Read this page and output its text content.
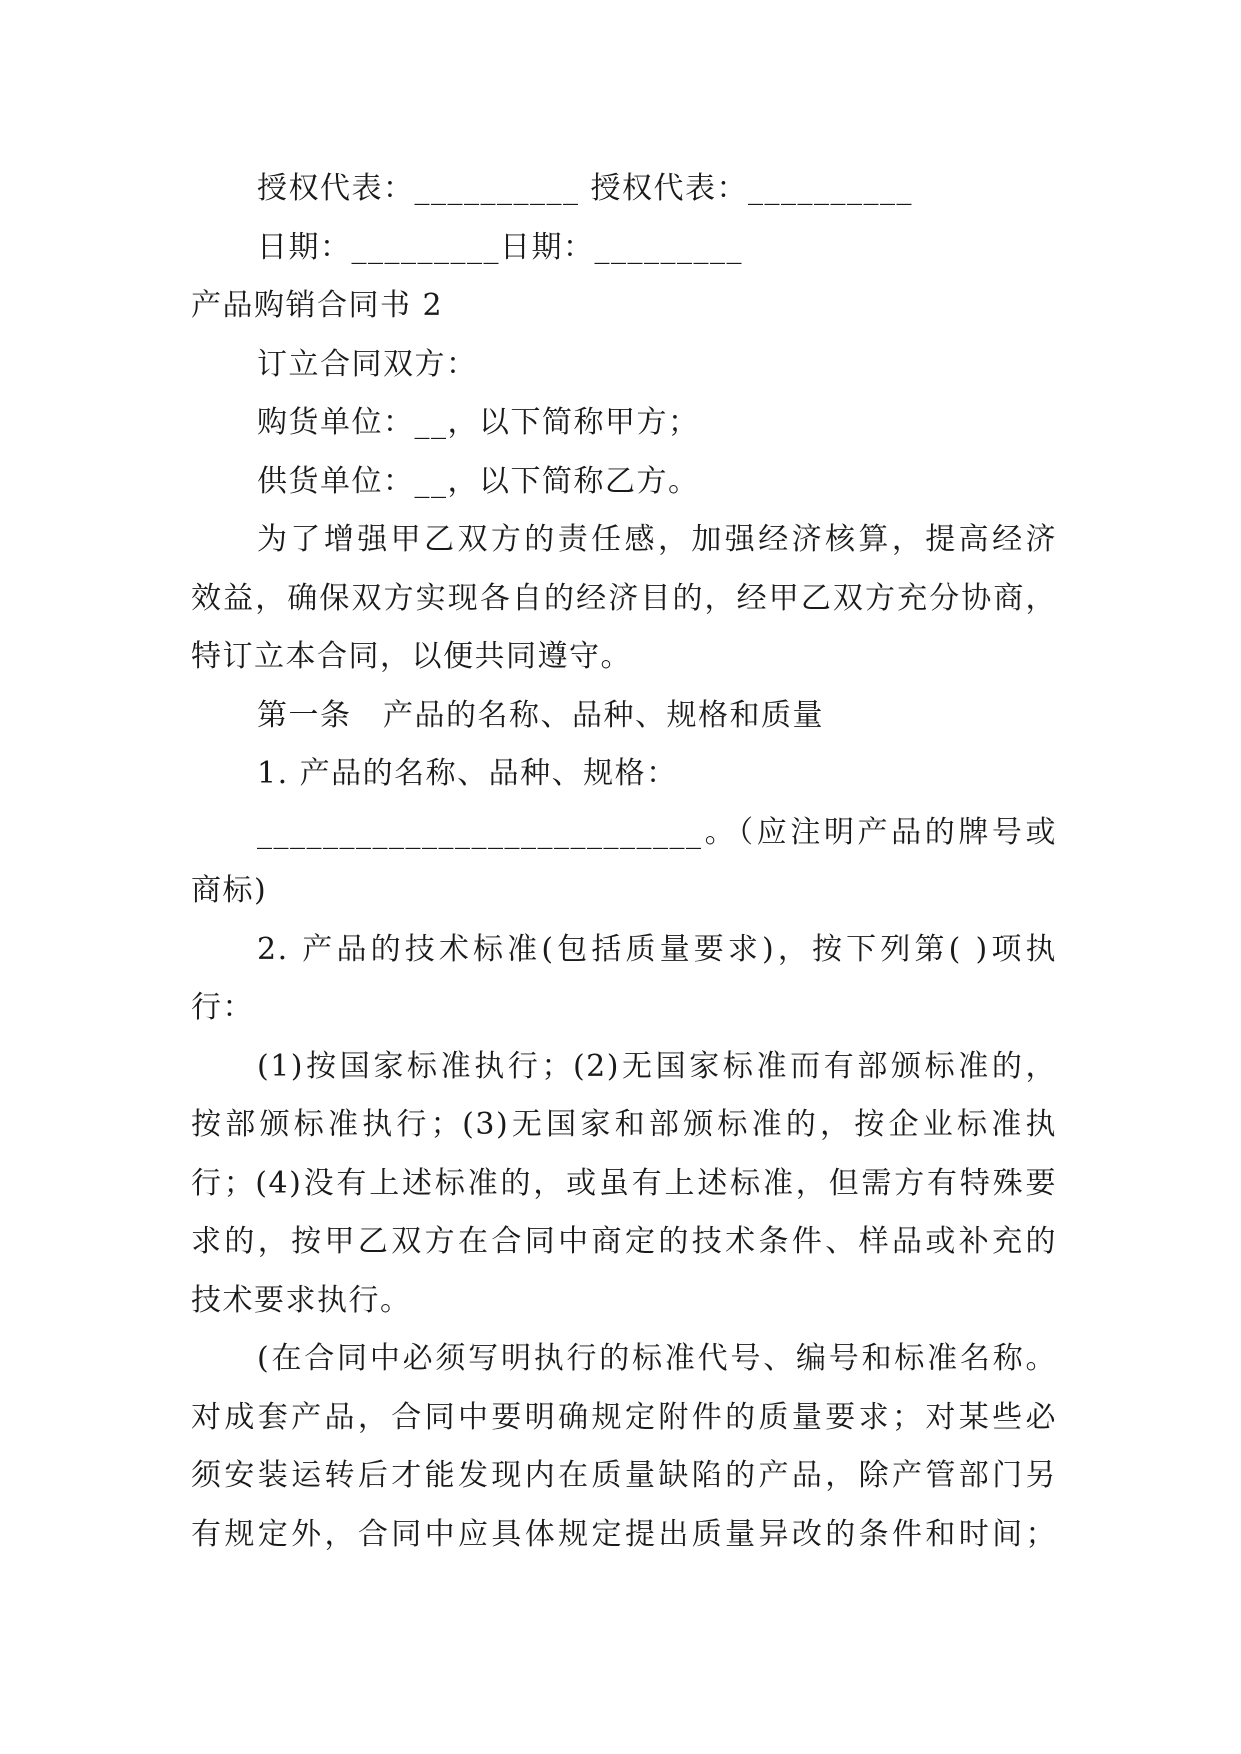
授权代表：__________ 授权代表：__________
日期：_________日期：_________
产品购销合同书 2
订立合同双方：
购货单位：__，以下简称甲方；
供货单位：__，以下简称乙方。
为了增强甲乙双方的责任感，加强经济核算，提高经济
效益，确保双方实现各自的经济目的，经甲乙双方充分协商，
特订立本合同，以便共同遵守。
第一条　产品的名称、品种、规格和质量
1. 产品的名称、品种、规格：
___________________________。（应注明产品的牌号或
商标)
2. 产品的技术标准(包括质量要求)，按下列第( )项执
行：
(1)按国家标准执行；(2)无国家标准而有部颁标准的，
按部颁标准执行；(3)无国家和部颁标准的，按企业标准执
行；(4)没有上述标准的，或虽有上述标准，但需方有特殊要
求的，按甲乙双方在合同中商定的技术条件、样品或补充的
技术要求执行。
(在合同中必须写明执行的标准代号、编号和标准名称。
对成套产品，合同中要明确规定附件的质量要求；对某些必
须安装运转后才能发现内在质量缺陷的产品，除产管部门另
有规定外，合同中应具体规定提出质量异改的条件和时间；
